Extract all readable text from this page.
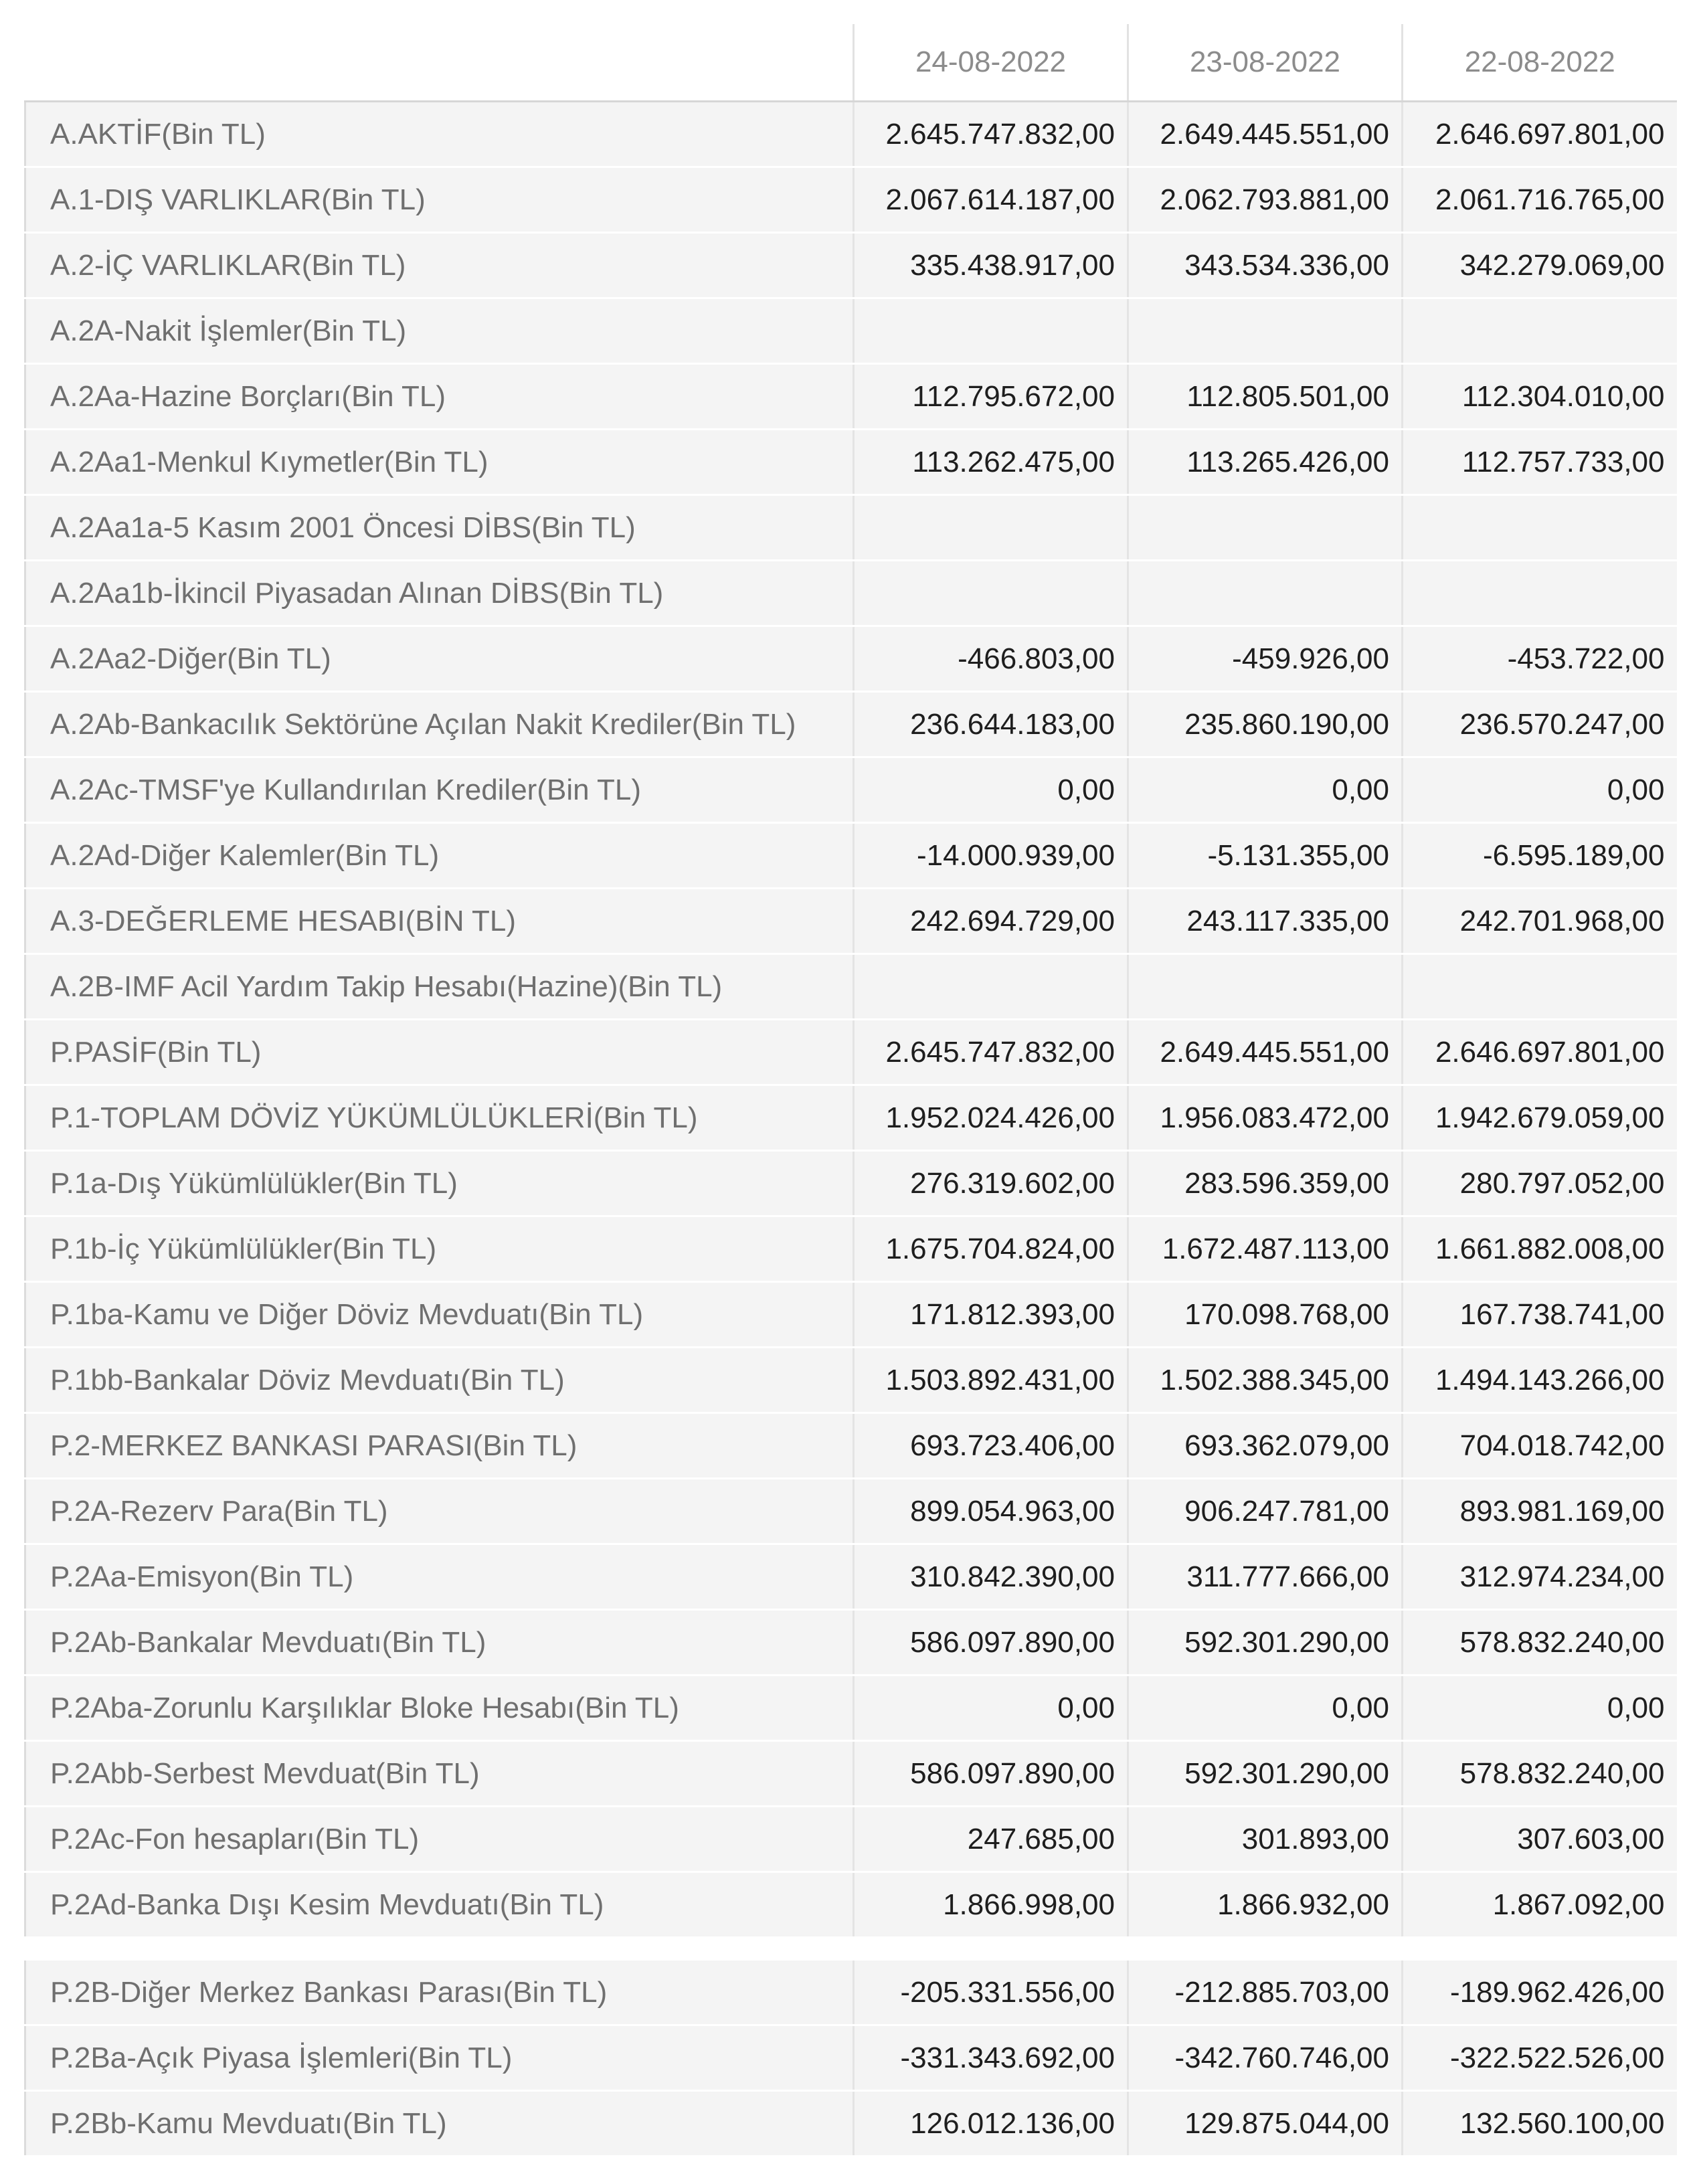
	24-08-2022	23-08-2022	22-08-2022
A.AKTİF(Bin TL)	2.645.747.832,00	2.649.445.551,00	2.646.697.801,00
A.1-DIŞ VARLIKLAR(Bin TL)	2.067.614.187,00	2.062.793.881,00	2.061.716.765,00
A.2-İÇ VARLIKLAR(Bin TL)	335.438.917,00	343.534.336,00	342.279.069,00
A.2A-Nakit İşlemler(Bin TL)			
A.2Aa-Hazine Borçları(Bin TL)	112.795.672,00	112.805.501,00	112.304.010,00
A.2Aa1-Menkul Kıymetler(Bin TL)	113.262.475,00	113.265.426,00	112.757.733,00
A.2Aa1a-5 Kasım 2001 Öncesi DİBS(Bin TL)			
A.2Aa1b-İkincil Piyasadan Alınan DİBS(Bin TL)			
A.2Aa2-Diğer(Bin TL)	-466.803,00	-459.926,00	-453.722,00
A.2Ab-Bankacılık Sektörüne Açılan Nakit Krediler(Bin TL)	236.644.183,00	235.860.190,00	236.570.247,00
A.2Ac-TMSF'ye Kullandırılan Krediler(Bin TL)	0,00	0,00	0,00
A.2Ad-Diğer Kalemler(Bin TL)	-14.000.939,00	-5.131.355,00	-6.595.189,00
A.3-DEĞERLEME HESABI(BİN TL)	242.694.729,00	243.117.335,00	242.701.968,00
A.2B-IMF Acil Yardım Takip Hesabı(Hazine)(Bin TL)			
P.PASİF(Bin TL)	2.645.747.832,00	2.649.445.551,00	2.646.697.801,00
P.1-TOPLAM DÖVİZ YÜKÜMLÜLÜKLERİ(Bin TL)	1.952.024.426,00	1.956.083.472,00	1.942.679.059,00
P.1a-Dış Yükümlülükler(Bin TL)	276.319.602,00	283.596.359,00	280.797.052,00
P.1b-İç Yükümlülükler(Bin TL)	1.675.704.824,00	1.672.487.113,00	1.661.882.008,00
P.1ba-Kamu ve Diğer Döviz Mevduatı(Bin TL)	171.812.393,00	170.098.768,00	167.738.741,00
P.1bb-Bankalar Döviz Mevduatı(Bin TL)	1.503.892.431,00	1.502.388.345,00	1.494.143.266,00
P.2-MERKEZ BANKASI PARASI(Bin TL)	693.723.406,00	693.362.079,00	704.018.742,00
P.2A-Rezerv Para(Bin TL)	899.054.963,00	906.247.781,00	893.981.169,00
P.2Aa-Emisyon(Bin TL)	310.842.390,00	311.777.666,00	312.974.234,00
P.2Ab-Bankalar Mevduatı(Bin TL)	586.097.890,00	592.301.290,00	578.832.240,00
P.2Aba-Zorunlu Karşılıklar Bloke Hesabı(Bin TL)	0,00	0,00	0,00
P.2Abb-Serbest Mevduat(Bin TL)	586.097.890,00	592.301.290,00	578.832.240,00
P.2Ac-Fon hesapları(Bin TL)	247.685,00	301.893,00	307.603,00
P.2Ad-Banka Dışı Kesim Mevduatı(Bin TL)	1.866.998,00	1.866.932,00	1.867.092,00

P.2B-Diğer Merkez Bankası Parası(Bin TL)	-205.331.556,00	-212.885.703,00	-189.962.426,00
P.2Ba-Açık Piyasa İşlemleri(Bin TL)	-331.343.692,00	-342.760.746,00	-322.522.526,00
P.2Bb-Kamu Mevduatı(Bin TL)	126.012.136,00	129.875.044,00	132.560.100,00
